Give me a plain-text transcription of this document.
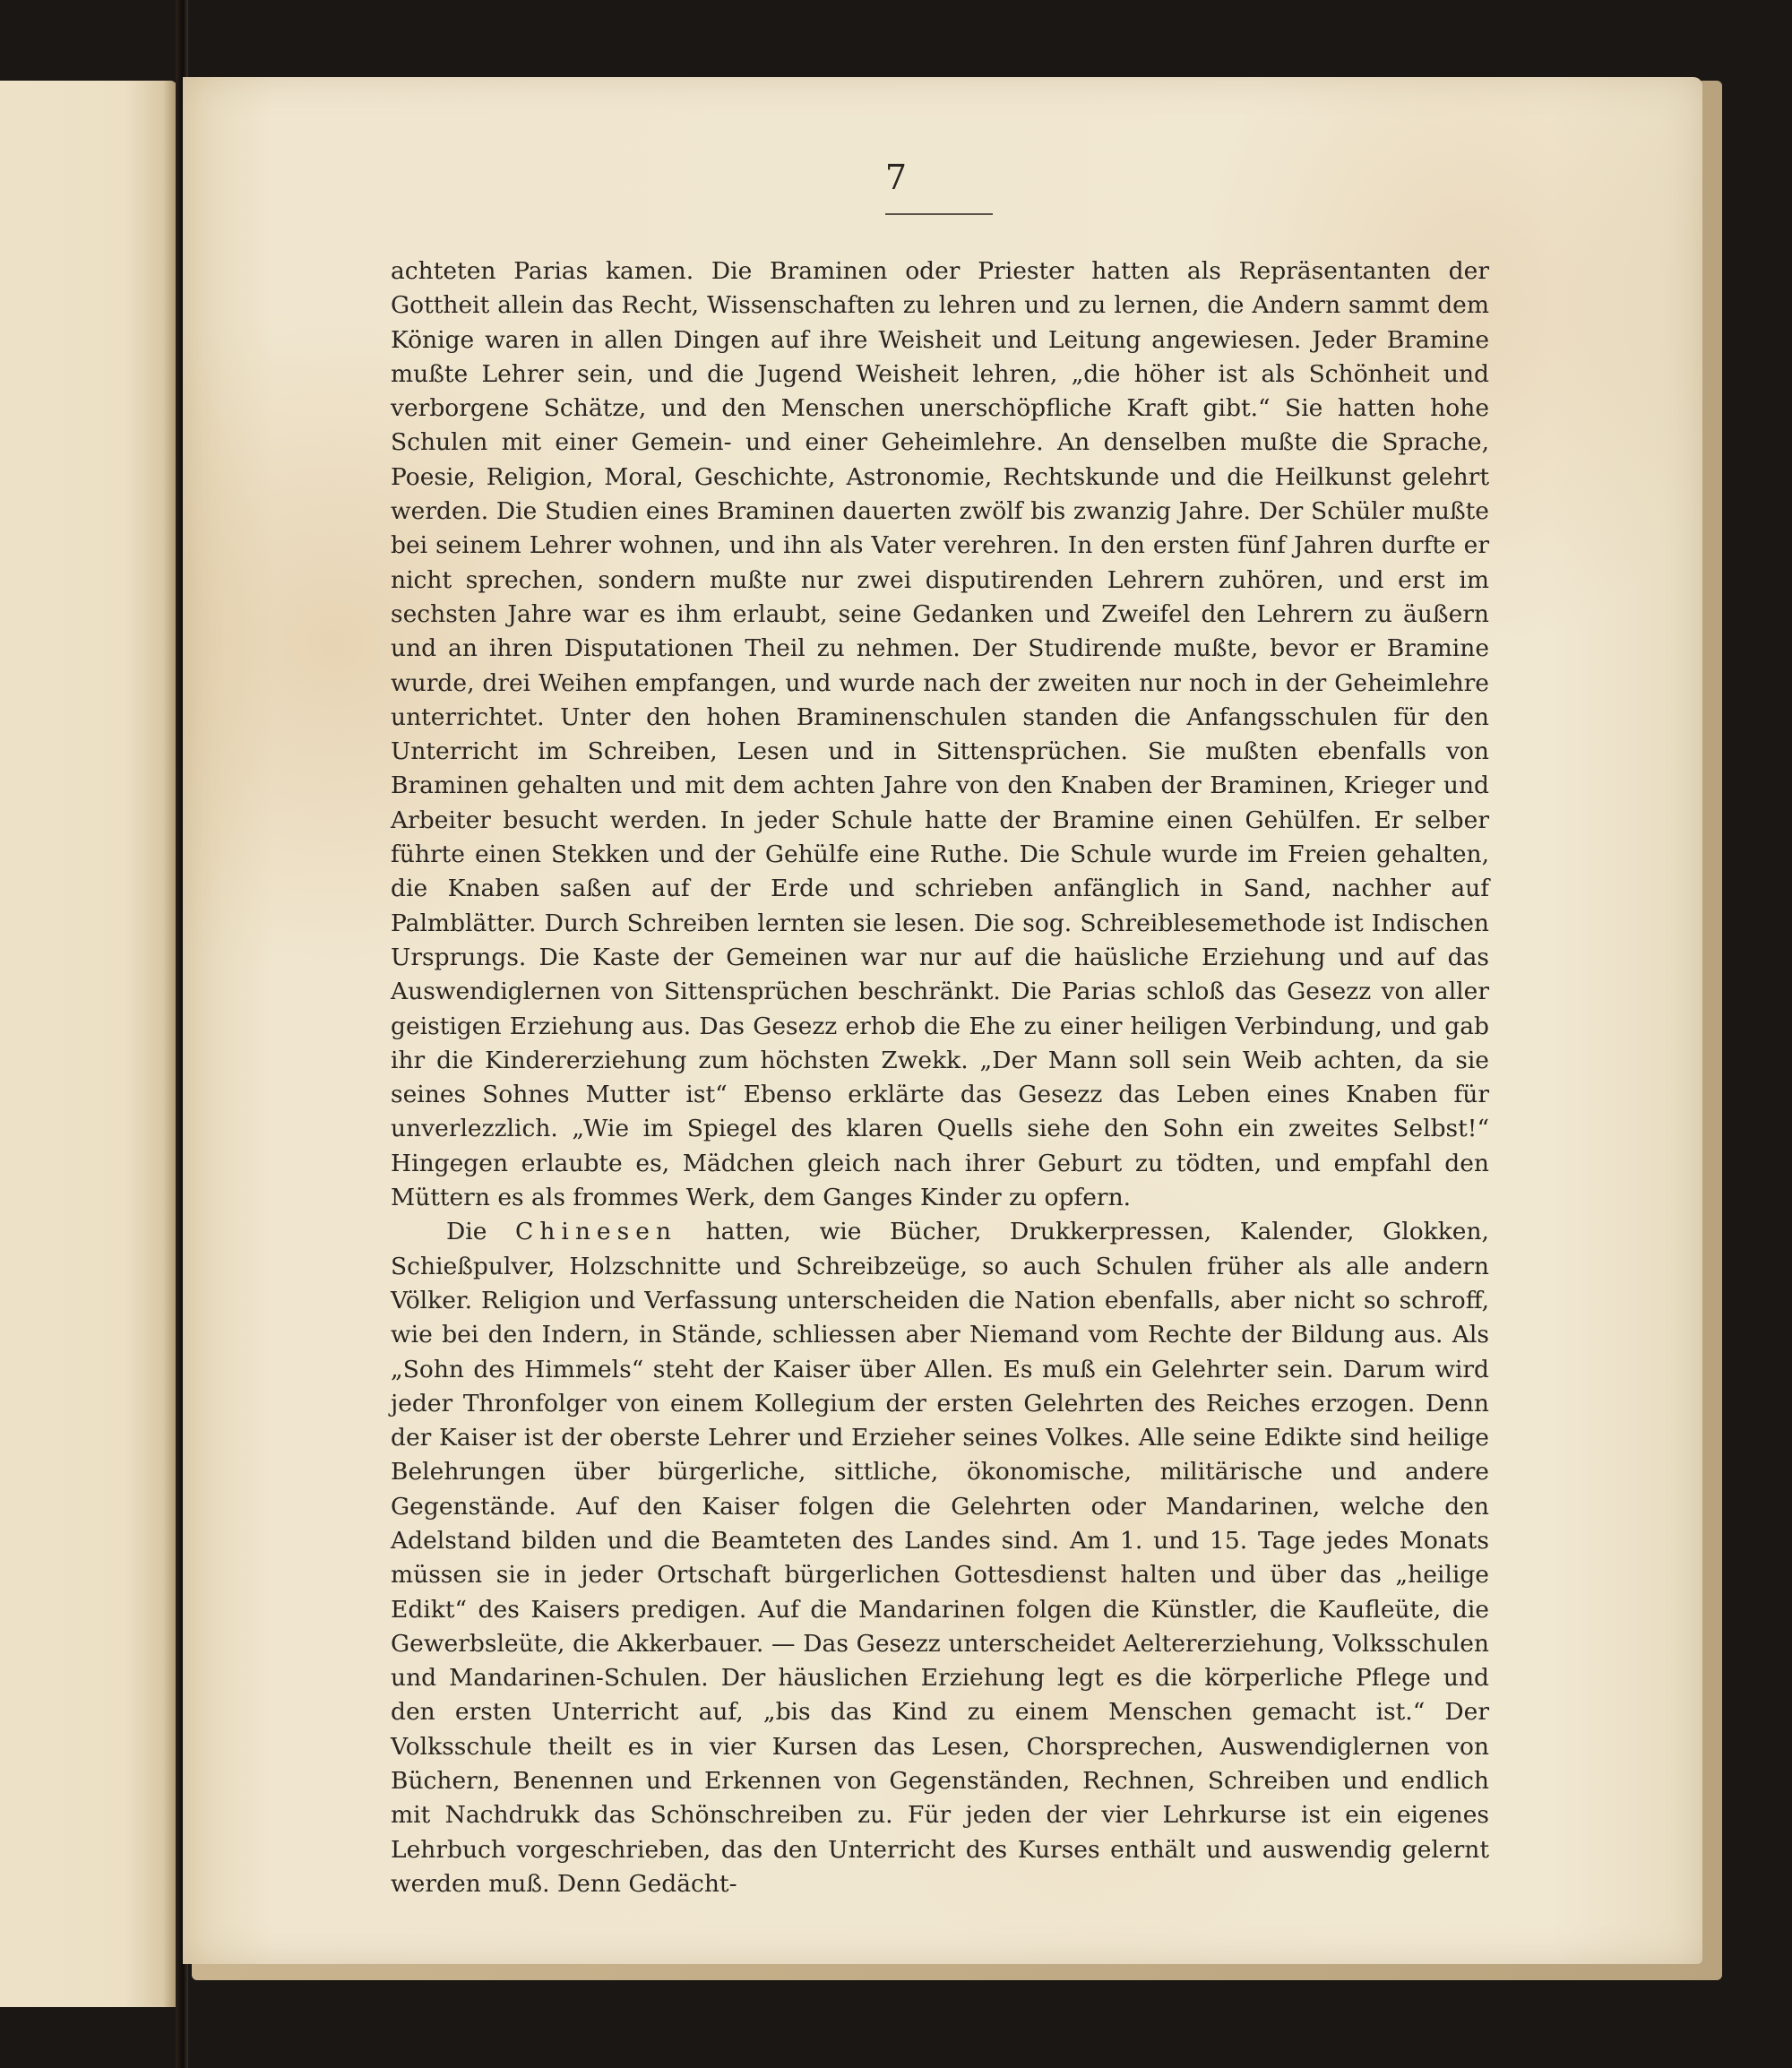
7

achteten Parias kamen. Die Braminen oder Priester hatten als Repräsentanten der Gottheit allein das Recht, Wissenschaften zu lehren und zu lernen, die Andern sammt dem Könige waren in allen Dingen auf ihre Weisheit und Leitung angewiesen. Jeder Bramine mußte Lehrer sein, und die Jugend Weisheit lehren, „die höher ist als Schönheit und verborgene Schätze, und den Menschen unerschöpfliche Kraft gibt.“ Sie hatten hohe Schulen mit einer Gemein- und einer Geheimlehre. An denselben mußte die Sprache, Poesie, Religion, Moral, Geschichte, Astronomie, Rechtskunde und die Heilkunst gelehrt werden. Die Studien eines Braminen dauerten zwölf bis zwanzig Jahre. Der Schüler mußte bei seinem Lehrer wohnen, und ihn als Vater verehren. In den ersten fünf Jahren durfte er nicht sprechen, sondern mußte nur zwei disputirenden Lehrern zuhören, und erst im sechsten Jahre war es ihm erlaubt, seine Gedanken und Zweifel den Lehrern zu äußern und an ihren Disputationen Theil zu nehmen. Der Studirende mußte, bevor er Bramine wurde, drei Weihen empfangen, und wurde nach der zweiten nur noch in der Geheimlehre unterrichtet. Unter den hohen Braminenschulen standen die Anfangsschulen für den Unterricht im Schreiben, Lesen und in Sittensprüchen. Sie mußten ebenfalls von Braminen gehalten und mit dem achten Jahre von den Knaben der Braminen, Krieger und Arbeiter besucht werden. In jeder Schule hatte der Bramine einen Gehülfen. Er selber führte einen Stekken und der Gehülfe eine Ruthe. Die Schule wurde im Freien gehalten, die Knaben saßen auf der Erde und schrieben anfänglich in Sand, nachher auf Palmblätter. Durch Schreiben lernten sie lesen. Die sog. Schreiblesemethode ist Indischen Ursprungs. Die Kaste der Gemeinen war nur auf die haüsliche Erziehung und auf das Auswendiglernen von Sittensprüchen beschränkt. Die Parias schloß das Gesezz von aller geistigen Erziehung aus. Das Gesezz erhob die Ehe zu einer heiligen Verbindung, und gab ihr die Kindererziehung zum höchsten Zwekk. „Der Mann soll sein Weib achten, da sie seines Sohnes Mutter ist“ Ebenso erklärte das Gesezz das Leben eines Knaben für unverlezzlich. „Wie im Spiegel des klaren Quells siehe den Sohn ein zweites Selbst!“ Hingegen erlaubte es, Mädchen gleich nach ihrer Geburt zu tödten, und empfahl den Müttern es als frommes Werk, dem Ganges Kinder zu opfern.

Die Chinesen hatten, wie Bücher, Drukkerpressen, Kalender, Glokken, Schießpulver, Holzschnitte und Schreibzeüge, so auch Schulen früher als alle andern Völker. Religion und Verfassung unterscheiden die Nation ebenfalls, aber nicht so schroff, wie bei den Indern, in Stände, schliessen aber Niemand vom Rechte der Bildung aus. Als „Sohn des Himmels“ steht der Kaiser über Allen. Es muß ein Gelehrter sein. Darum wird jeder Thronfolger von einem Kollegium der ersten Gelehrten des Reiches erzogen. Denn der Kaiser ist der oberste Lehrer und Erzieher seines Volkes. Alle seine Edikte sind heilige Belehrungen über bürgerliche, sittliche, ökonomische, militärische und andere Gegenstände. Auf den Kaiser folgen die Gelehrten oder Mandarinen, welche den Adelstand bilden und die Beamteten des Landes sind. Am 1. und 15. Tage jedes Monats müssen sie in jeder Ortschaft bürgerlichen Gottesdienst halten und über das „heilige Edikt“ des Kaisers predigen. Auf die Mandarinen folgen die Künstler, die Kaufleüte, die Gewerbsleüte, die Akkerbauer. — Das Gesezz unterscheidet Aeltererziehung, Volksschulen und Mandarinen-Schulen. Der häuslichen Erziehung legt es die körperliche Pflege und den ersten Unterricht auf, „bis das Kind zu einem Menschen gemacht ist.“ Der Volksschule theilt es in vier Kursen das Lesen, Chorsprechen, Auswendiglernen von Büchern, Benennen und Erkennen von Gegenständen, Rechnen, Schreiben und endlich mit Nachdrukk das Schönschreiben zu. Für jeden der vier Lehrkurse ist ein eigenes Lehrbuch vorgeschrieben, das den Unterricht des Kurses enthält und auswendig gelernt werden muß. Denn Gedächt-
